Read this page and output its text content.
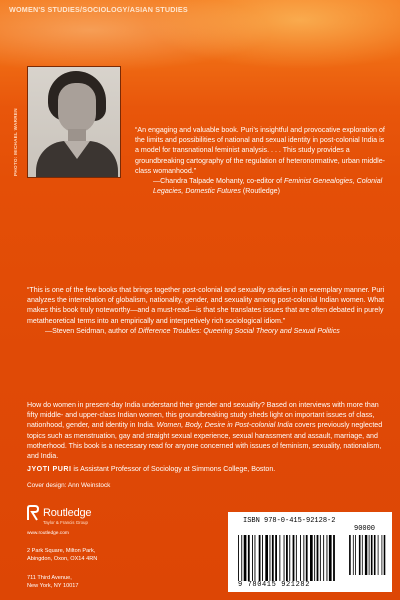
WOMEN'S STUDIES/SOCIOLOGY/ASIAN STUDIES
PHOTO: MICHAEL WARREN	“An engaging and valuable book. Puri’s insightful and provocative exploration of the limits and possibilities of national and sexual identity in post-colonial India is a model for transnational feminist analysis. . . . This study provides a groundbreaking cartography of the regulation of heteronormative, urban middle-class womanhood.”

—Chandra Talpade Mohanty, co-editor of Feminist Genealogies, Colonial Legacies, Domestic Futures (Routledge)

“This is one of the few books that brings together post-colonial and sexuality studies in an exemplary manner. Puri analyzes the interrelation of globalism, nationality, gender, and sexuality among post-colonial Indian women. What makes this book truly noteworthy—and a must-read—is that she translates issues that are often debated in purely metatheoretical terms into an empirically and interpretively rich sociological idiom.”

—Steven Seidman, author of Difference Troubles: Queering Social Theory and Sexual Politics

How do women in present-day India understand their gender and sexuality? Based on interviews with more than fifty middle- and upper-class Indian women, this groundbreaking study sheds light on important issues of class, nationhood, gender, and identity in India. Women, Body, Desire in Post-colonial India covers previously neglected topics such as menstruation, gay and straight sexual experience, sexual harassment and assault, marriage, and motherhood. This book is a necessary read for anyone concerned with issues of feminism, sexuality, nationalism, and India.

JYOTI PURI is Assistant Professor of Sociology at Simmons College, Boston.

Cover design: Ann Weinstock
Routledge
Taylor & Francis Group
www.routledge.com
2 Park Square, Milton Park,
Abingdon, Oxon, OX14 4RN
711 Third Avenue,
New York, NY 10017
ISBN 978-0-415-92128-2
90000
9 780415 921282
